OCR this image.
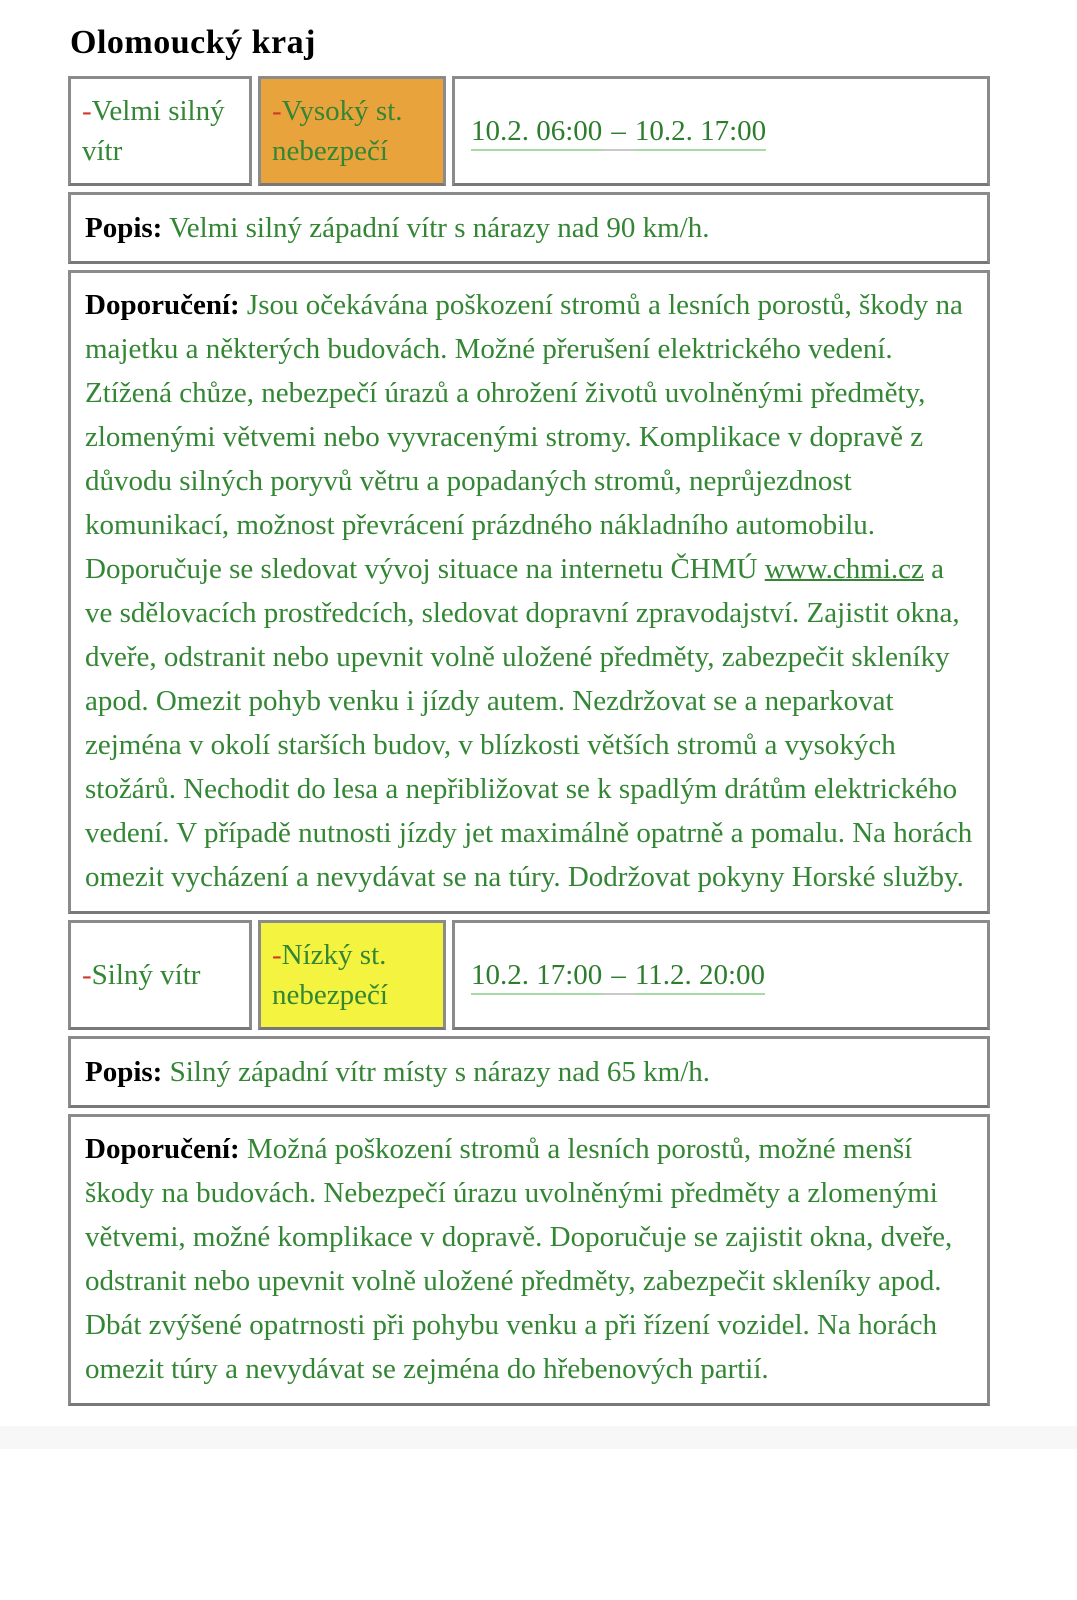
Olomoucký kraj
-Velmi silný vítr
-Vysoký st. nebezpečí
10.2. 06:00 – 10.2. 17:00
Popis: Velmi silný západní vítr s nárazy nad 90 km/h.
Doporučení: Jsou očekávána poškození stromů a lesních porostů, škody na majetku a některých budovách. Možné přerušení elektrického vedení. Ztížená chůze, nebezpečí úrazů a ohrožení životů uvolněnými předměty, zlomenými větvemi nebo vyvracenými stromy. Komplikace v dopravě z důvodu silných poryvů větru a popadaných stromů, neprůjezdnost komunikací, možnost převrácení prázdného nákladního automobilu. Doporučuje se sledovat vývoj situace na internetu ČHMÚ www.chmi.cz a ve sdělovacích prostředcích, sledovat dopravní zpravodajství. Zajistit okna, dveře, odstranit nebo upevnit volně uložené předměty, zabezpečit skleníky apod. Omezit pohyb venku i jízdy autem. Nezdržovat se a neparkovat zejména v okolí starších budov, v blízkosti větších stromů a vysokých stožárů. Nechodit do lesa a nepřibližovat se k spadlým drátům elektrického vedení. V případě nutnosti jízdy jet maximálně opatrně a pomalu. Na horách omezit vycházení a nevydávat se na túry. Dodržovat pokyny Horské služby.
-Silný vítr
-Nízký st. nebezpečí
10.2. 17:00 – 11.2. 20:00
Popis: Silný západní vítr místy s nárazy nad 65 km/h.
Doporučení: Možná poškození stromů a lesních porostů, možné menší škody na budovách. Nebezpečí úrazu uvolněnými předměty a zlomenými větvemi, možné komplikace v dopravě. Doporučuje se zajistit okna, dveře, odstranit nebo upevnit volně uložené předměty, zabezpečit skleníky apod. Dbát zvýšené opatrnosti při pohybu venku a při řízení vozidel. Na horách omezit túry a nevydávat se zejména do hřebenových partií.
